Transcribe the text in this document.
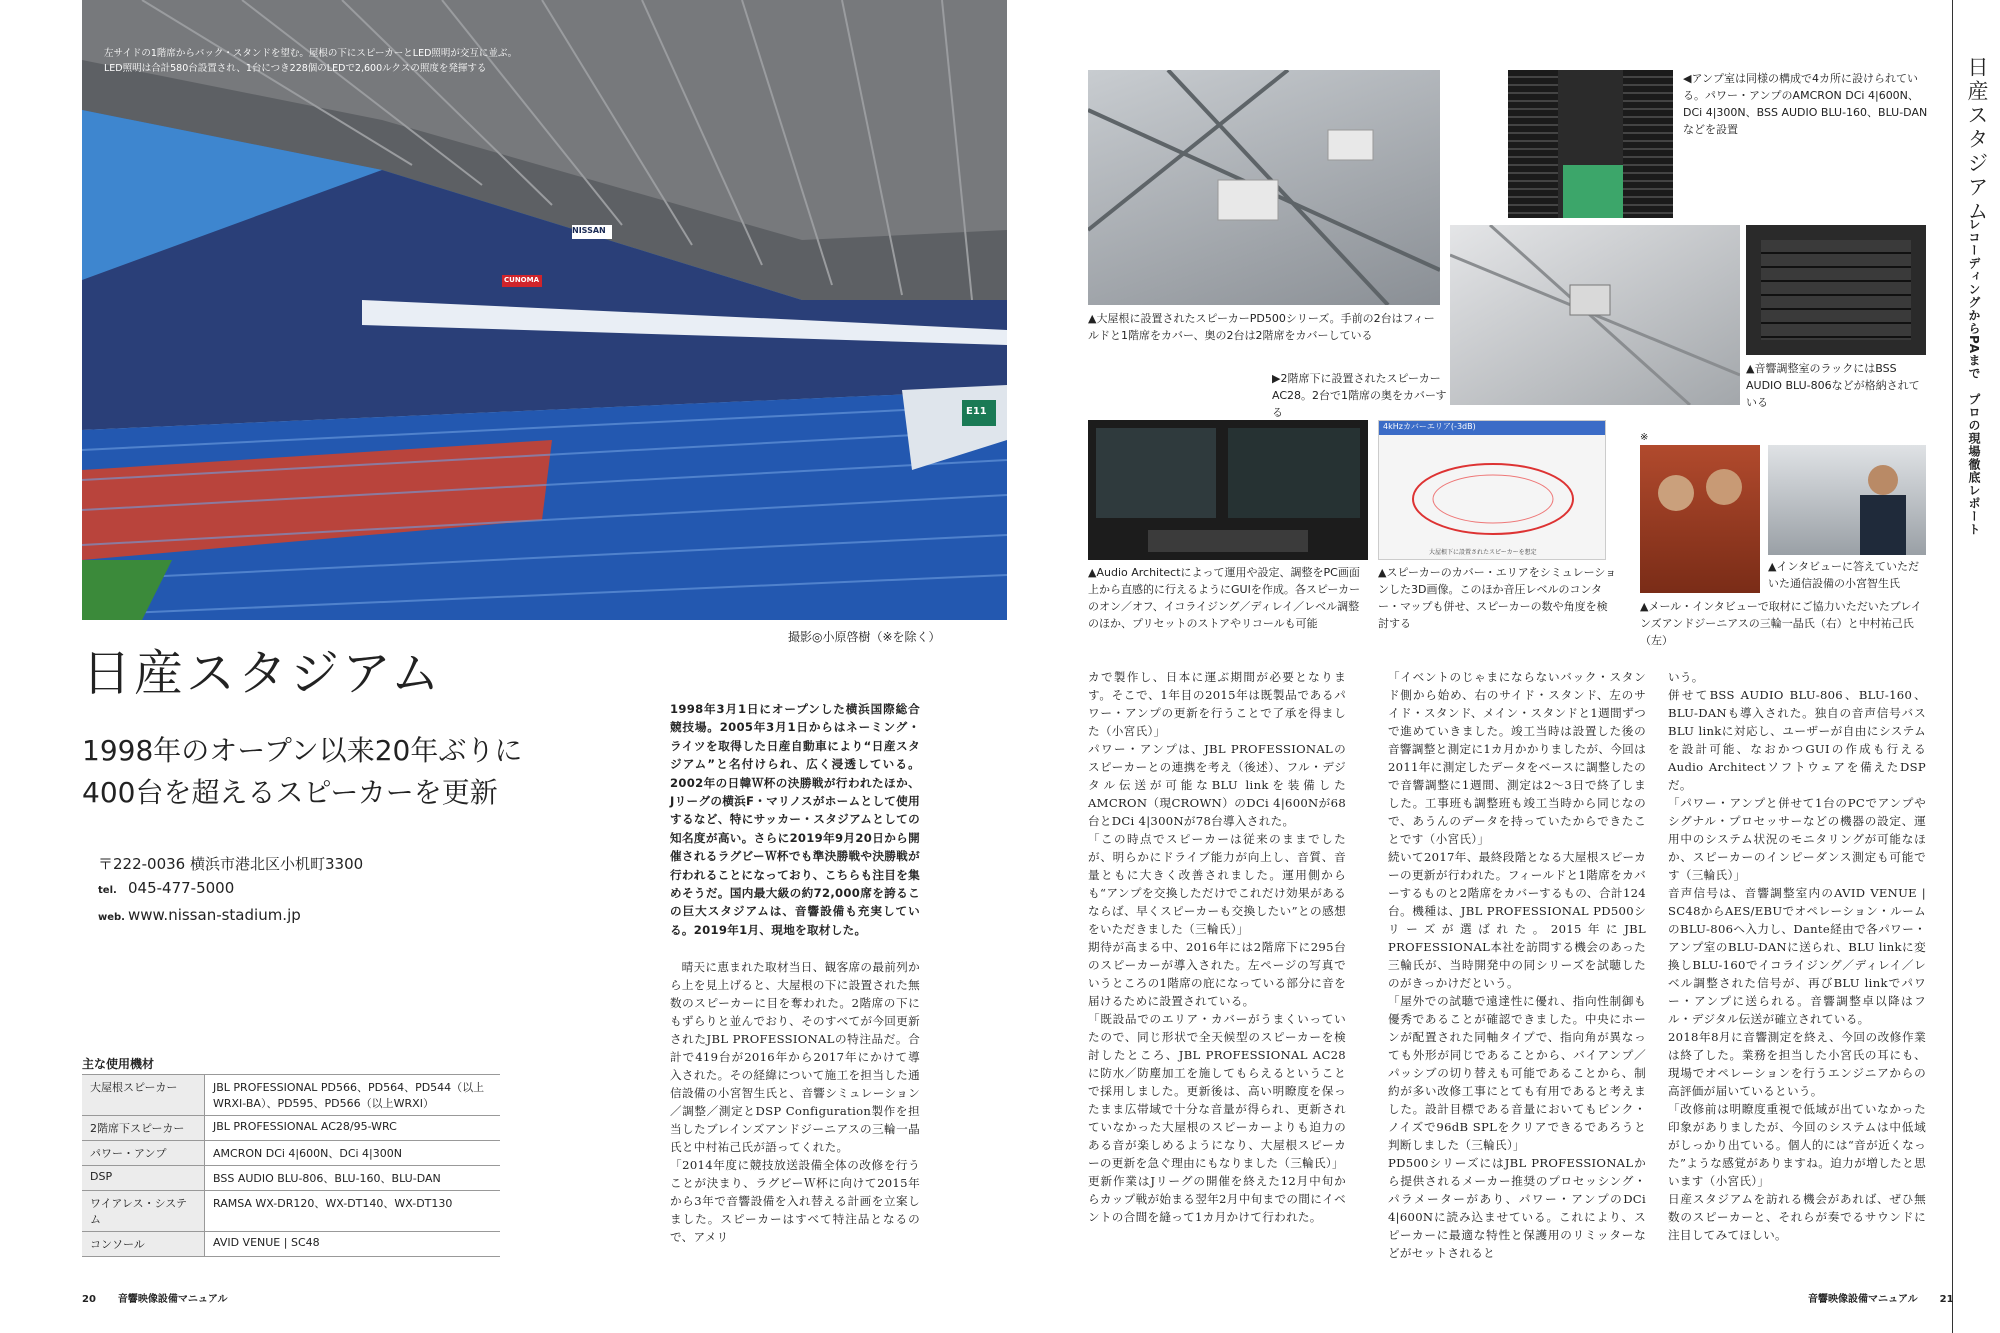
NISSAN
CUNOMA
E11
左サイドの1階席からバック・スタンドを望む。屋根の下にスピーカーとLED照明が交互に並ぶ。
LED照明は合計580台設置され、1台につき228個のLEDで2,600ルクスの照度を発揮する
撮影◎小原啓樹（※を除く）
日産スタジアム
1998年のオープン以来20年ぶりに
400台を超えるスピーカーを更新
〒222-0036 横浜市港北区小机町3300
tel. 045-477-5000
web. www.nissan-stadium.jp
1998年3月1日にオープンした横浜国際総合競技場。2005年3月1日からはネーミング・ライツを取得した日産自動車により“日産スタジアム”と名付けられ、広く浸透している。2002年の日韓Ｗ杯の決勝戦が行われたほか、Jリーグの横浜F・マリノスがホームとして使用するなど、特にサッカー・スタジアムとしての知名度が高い。さらに2019年9月20日から開催されるラグビーＷ杯でも準決勝戦や決勝戦が行われることになっており、こちらも注目を集めそうだ。国内最大級の約72,000席を誇るこの巨大スタジアムは、音響設備も充実している。2019年1月、現地を取材した。
晴天に恵まれた取材当日、観客席の最前列から上を見上げると、大屋根の下に設置された無数のスピーカーに目を奪われた。2階席の下にもずらりと並んでおり、そのすべてが今回更新されたJBL PROFESSIONALの特注品だ。合計で419台が2016年から2017年にかけて導入された。その経緯について施工を担当した通信設備の小宮智生氏と、音響シミュレーション／調整／測定とDSP Configuration製作を担当したブレインズアンドジーニアスの三輪一晶氏と中村祐己氏が語ってくれた。
「2014年度に競技放送設備全体の改修を行うことが決まり、ラグビーＷ杯に向けて2015年から3年で音響設備を入れ替える計画を立案しました。スピーカーはすべて特注品となるので、アメリ
主な使用機材
大屋根スピーカー	JBL PROFESSIONAL PD566、PD564、PD544（以上WRXI-BA）、PD595、PD566（以上WRXI）
2階席下スピーカー	JBL PROFESSIONAL AC28/95-WRC
パワー・アンプ	AMCRON DCi 4|600N、DCi 4|300N
DSP	BSS AUDIO BLU-806、BLU-160、BLU-DAN
ワイアレス・システム	RAMSA WX-DR120、WX-DT140、WX-DT130
コンソール	AVID VENUE | SC48
20 音響映像設備マニュアル
◀アンプ室は同様の構成で4カ所に設けられている。パワー・アンプのAMCRON DCi 4|600N、DCi 4|300N、BSS AUDIO BLU-160、BLU-DANなどを設置
▲大屋根に設置されたスピーカーPD500シリーズ。手前の2台はフィールドと1階席をカバー、奥の2台は2階席をカバーしている
▶2階席下に設置されたスピーカーAC28。2台で1階席の奥をカバーする
▲音響調整室のラックにはBSS AUDIO BLU-806などが格納されている
4kHzカバーエリア(-3dB)
大屋根下に設置されたスピーカーを想定
※
▲Audio Architectによって運用や設定、調整をPC画面上から直感的に行えるようにGUIを作成。各スピーカーのオン／オフ、イコライジング／ディレイ／レベル調整のほか、プリセットのストアやリコールも可能
▲スピーカーのカバー・エリアをシミュレーションした3D画像。このほか音圧レベルのコンター・マップも併せ、スピーカーの数や角度を検討する
▲インタビューに答えていただいた通信設備の小宮智生氏
▲メール・インタビューで取材にご協力いただいたブレインズアンドジーニアスの三輪一晶氏（右）と中村祐己氏（左）
カで製作し、日本に運ぶ期間が必要となります。そこで、1年目の2015年は既製品であるパワー・アンプの更新を行うことで了承を得ました（小宮氏）」
パワー・アンプは、JBL PROFESSIONALのスピーカーとの連携を考え（後述）、フル・デジタル伝送が可能なBLU linkを装備したAMCRON（現CROWN）のDCi 4|600Nが68台とDCi 4|300Nが78台導入された。
「この時点でスピーカーは従来のままでしたが、明らかにドライブ能力が向上し、音質、音量ともに大きく改善されました。運用側からも“アンプを交換しただけでこれだけ効果があるならば、早くスピーカーも交換したい”との感想をいただきました（三輪氏）」
期待が高まる中、2016年には2階席下に295台のスピーカーが導入された。左ページの写真でいうところの1階席の庇になっている部分に音を届けるために設置されている。
「既設品でのエリア・カバーがうまくいっていたので、同じ形状で全天候型のスピーカーを検討したところ、JBL PROFESSIONAL AC28に防水／防塵加工を施してもらえるということで採用しました。更新後は、高い明瞭度を保ったまま広帯域で十分な音量が得られ、更新されていなかった大屋根のスピーカーよりも迫力のある音が楽しめるようになり、大屋根スピーカーの更新を急ぐ理由にもなりました（三輪氏）」
更新作業はJリーグの開催を終えた12月中旬からカップ戦が始まる翌年2月中旬までの間にイベントの合間を縫って1カ月かけて行われた。
「イベントのじゃまにならないバック・スタンド側から始め、右のサイド・スタンド、左のサイド・スタンド、メイン・スタンドと1週間ずつで進めていきました。竣工当時は設置した後の音響調整と測定に1カ月かかりましたが、今回は2011年に測定したデータをベースに調整したので音響調整に1週間、測定は2～3日で終了しました。工事班も調整班も竣工当時から同じなので、あうんのデータを持っていたからできたことです（小宮氏）」
続いて2017年、最終段階となる大屋根スピーカーの更新が行われた。フィールドと1階席をカバーするものと2階席をカバーするもの、合計124台。機種は、JBL PROFESSIONAL PD500シリーズが選ばれた。2015年にJBL PROFESSIONAL本社を訪問する機会のあった三輪氏が、当時開発中の同シリーズを試聴したのがきっかけだという。
「屋外での試聴で遠達性に優れ、指向性制御も優秀であることが確認できました。中央にホーンが配置された同軸タイプで、指向角が異なっても外形が同じであることから、バイアンプ／パッシブの切り替えも可能であることから、制約が多い改修工事にとても有用であると考えました。設計目標である音量においてもピンク・ノイズで96dB SPLをクリアできるであろうと判断しました（三輪氏）」
PD500シリーズにはJBL PROFESSIONALから提供されるメーカー推奨のプロセッシング・パラメーターがあり、パワー・アンプのDCi 4|600Nに読み込ませている。これにより、スピーカーに最適な特性と保護用のリミッターなどがセットされると
いう。
併せてBSS AUDIO BLU-806、BLU-160、BLU-DANも導入された。独自の音声信号バスBLU linkに対応し、ユーザーが自由にシステムを設計可能、なおかつGUIの作成も行えるAudio Architectソフトウェアを備えたDSPだ。
「パワー・アンプと併せて1台のPCでアンプやシグナル・プロセッサーなどの機器の設定、運用中のシステム状況のモニタリングが可能なほか、スピーカーのインピーダンス測定も可能です（三輪氏）」
音声信号は、音響調整室内のAVID VENUE | SC48からAES/EBUでオペレーション・ルームのBLU-806へ入力し、Dante経由で各パワー・アンプ室のBLU-DANに送られ、BLU linkに変換しBLU-160でイコライジング／ディレイ／レベル調整された信号が、再びBLU linkでパワー・アンプに送られる。音響調整卓以降はフル・デジタル伝送が確立されている。
2018年8月に音響測定を終え、今回の改修作業は終了した。業務を担当した小宮氏の耳にも、現場でオペレーションを行うエンジニアからの高評価が届いているという。
「改修前は明瞭度重視で低域が出ていなかった印象がありましたが、今回のシステムは中低域がしっかり出ている。個人的には“音が近くなった”ような感覚がありますね。迫力が増したと思います（小宮氏）」
日産スタジアムを訪れる機会があれば、ぜひ無数のスピーカーと、それらが奏でるサウンドに注目してみてほしい。
日産スタジアム
レコーディングからPAまで　プロの現場徹底レポート
音響映像設備マニュアル 21
